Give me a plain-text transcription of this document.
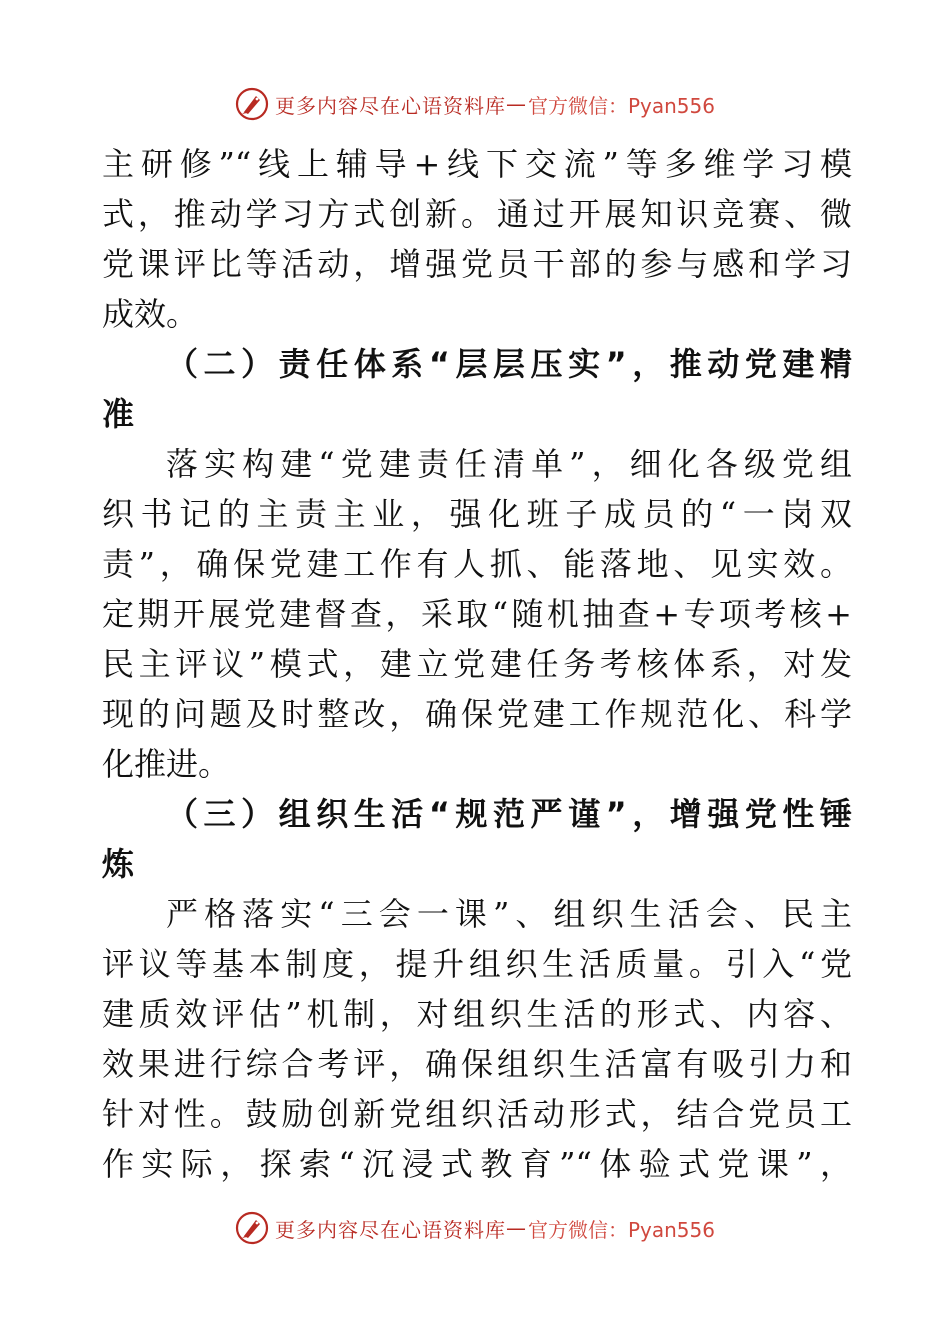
更多内容尽在心语资料库 — 官方微信：Pyan556
主研修”“线上辅导+线下交流”等多维学习模
式，推动学习方式创新。通过开展知识竞赛、微
党课评比等活动，增强党员干部的参与感和学习
成效。
（二）责任体系“层层压实”，推动党建精
准
落实构建“党建责任清单”，细化各级党组
织书记的主责主业，强化班子成员的“一岗双
责”，确保党建工作有人抓、能落地、见实效。
定期开展党建督查，采取“随机抽查+专项考核+
民主评议”模式，建立党建任务考核体系，对发
现的问题及时整改，确保党建工作规范化、科学
化推进。
（三）组织生活“规范严谨”，增强党性锤
炼
严格落实“三会一课”、组织生活会、民主
评议等基本制度，提升组织生活质量。引入“党
建质效评估”机制，对组织生活的形式、内容、
效果进行综合考评，确保组织生活富有吸引力和
针对性。鼓励创新党组织活动形式，结合党员工
作实际，探索“沉浸式教育”“体验式党课”，
更多内容尽在心语资料库 — 官方微信：Pyan556
